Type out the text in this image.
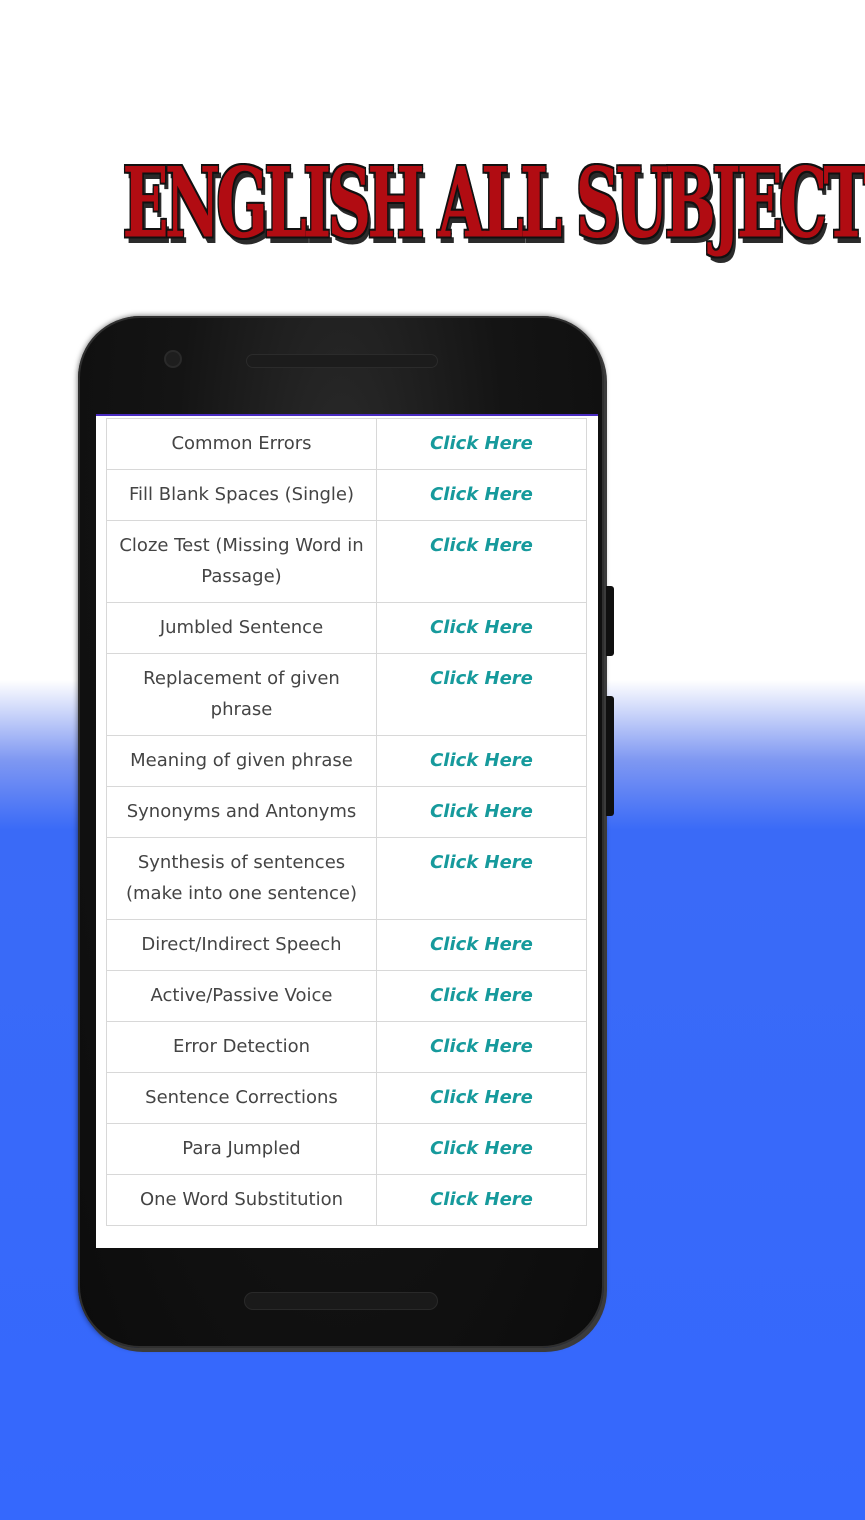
ENGLISH ALL SUBJECT
Common Errors	Click Here
Fill Blank Spaces (Single)	Click Here
Cloze Test (Missing Word in Passage)	Click Here
Jumbled Sentence	Click Here
Replacement of given phrase	Click Here
Meaning of given phrase	Click Here
Synonyms and Antonyms	Click Here
Synthesis of sentences (make into one sentence)	Click Here
Direct/Indirect Speech	Click Here
Active/Passive Voice	Click Here
Error Detection	Click Here
Sentence Corrections	Click Here
Para Jumpled	Click Here
One Word Substitution	Click Here
